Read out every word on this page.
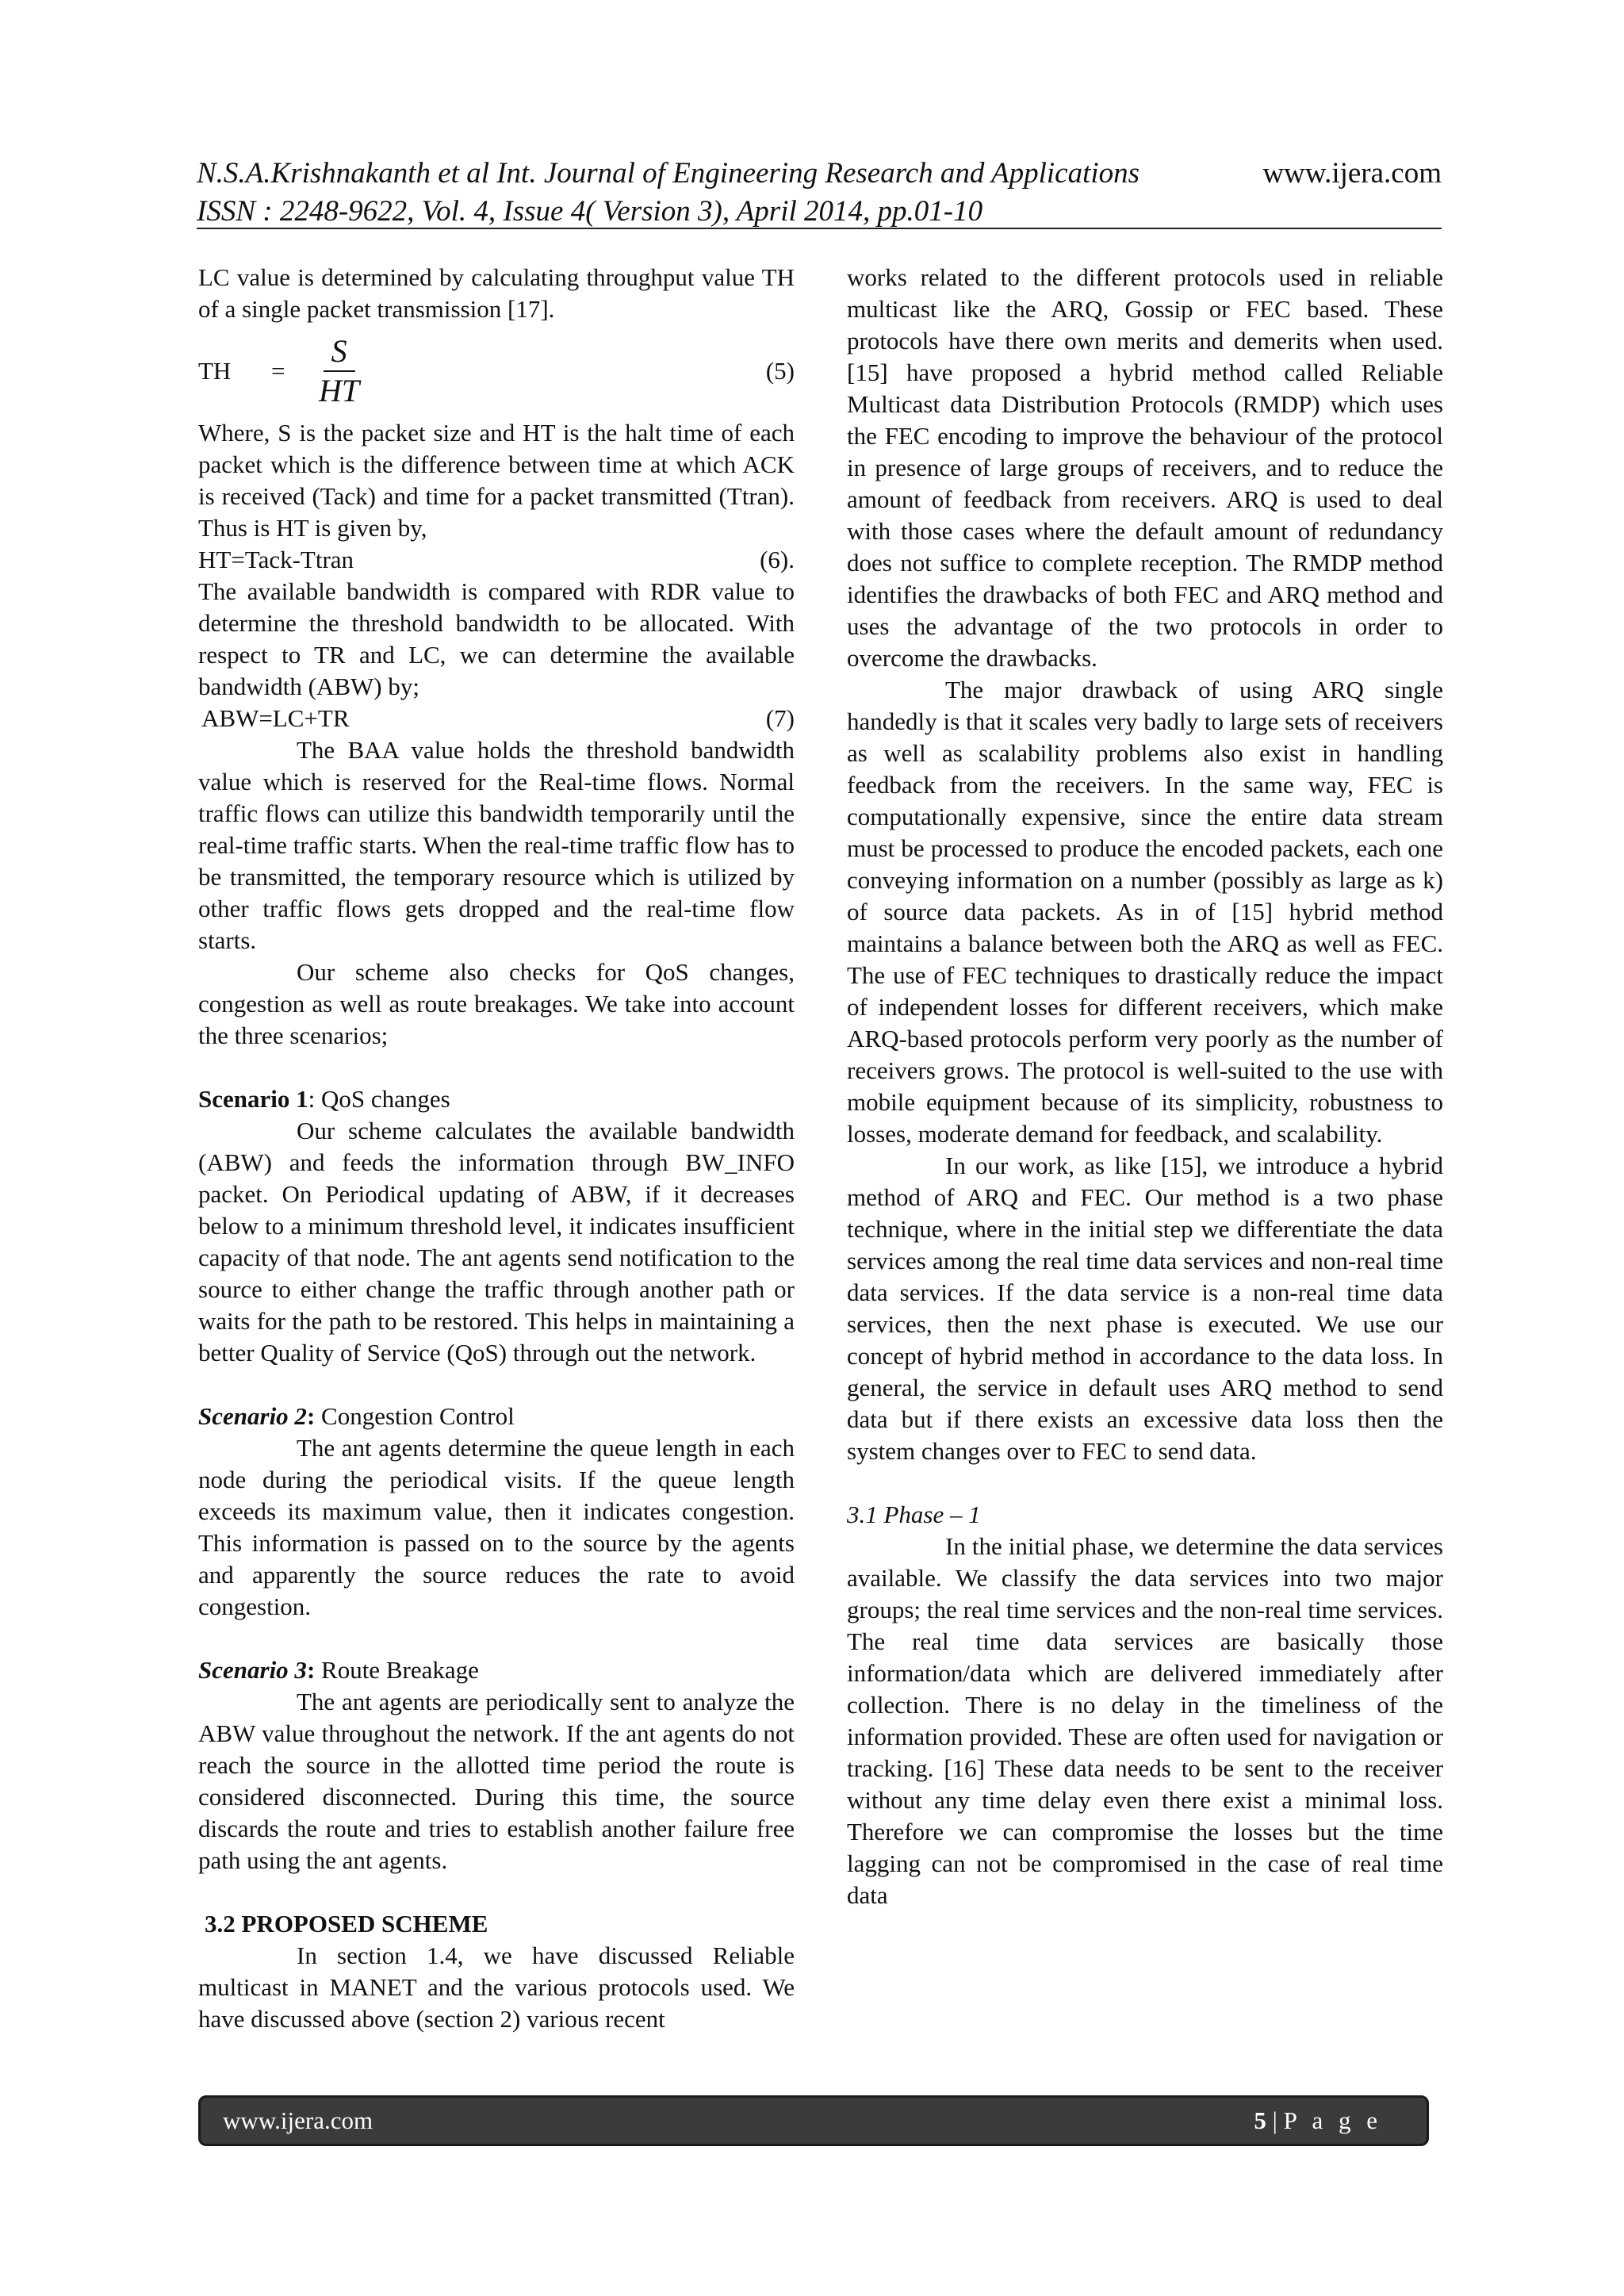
N.S.A.Krishnakanth et al Int. Journal of Engineering Research and Applications	www.ijera.com
ISSN : 2248-9622, Vol. 4, Issue 4( Version 3), April 2014, pp.01-10

LC value is determined by calculating throughput value TH of a single packet transmission [17].

TH	=	$\frac{S}{HT}$	(5)

Where, S is the packet size and HT is the halt time of each packet which is the difference between time at which ACK is received (Tack) and time for a packet transmitted (Ttran). Thus is HT is given by,

HT=Tack-Ttran	(6).

The available bandwidth is compared with RDR value to determine the threshold bandwidth to be allocated. With respect to TR and LC, we can determine the available bandwidth (ABW) by;

ABW=LC+TR	(7)

The BAA value holds the threshold bandwidth value which is reserved for the Real-time flows. Normal traffic flows can utilize this bandwidth temporarily until the real-time traffic starts. When the real-time traffic flow has to be transmitted, the temporary resource which is utilized by other traffic flows gets dropped and the real-time flow starts.

Our scheme also checks for QoS changes, congestion as well as route breakages. We take into account the three scenarios;

Scenario 1: QoS changes

Our scheme calculates the available bandwidth (ABW) and feeds the information through BW_INFO packet. On Periodical updating of ABW, if it decreases below to a minimum threshold level, it indicates insufficient capacity of that node. The ant agents send notification to the source to either change the traffic through another path or waits for the path to be restored. This helps in maintaining a better Quality of Service (QoS) through out the network.

Scenario 2: Congestion Control

The ant agents determine the queue length in each node during the periodical visits. If the queue length exceeds its maximum value, then it indicates congestion. This information is passed on to the source by the agents and apparently the source reduces the rate to avoid congestion.

Scenario 3: Route Breakage

The ant agents are periodically sent to analyze the ABW value throughout the network. If the ant agents do not reach the source in the allotted time period the route is considered disconnected. During this time, the source discards the route and tries to establish another failure free path using the ant agents.

3.2 PROPOSED SCHEME

In section 1.4, we have discussed Reliable multicast in MANET and the various protocols used. We have discussed above (section 2) various recent

works related to the different protocols used in reliable multicast like the ARQ, Gossip or FEC based. These protocols have there own merits and demerits when used. [15] have proposed a hybrid method called Reliable Multicast data Distribution Protocols (RMDP) which uses the FEC encoding to improve the behaviour of the protocol in presence of large groups of receivers, and to reduce the amount of feedback from receivers. ARQ is used to deal with those cases where the default amount of redundancy does not suffice to complete reception. The RMDP method identifies the drawbacks of both FEC and ARQ method and uses the advantage of the two protocols in order to overcome the drawbacks.

The major drawback of using ARQ single handedly is that it scales very badly to large sets of receivers as well as scalability problems also exist in handling feedback from the receivers. In the same way, FEC is computationally expensive, since the entire data stream must be processed to produce the encoded packets, each one conveying information on a number (possibly as large as k) of source data packets. As in of [15] hybrid method maintains a balance between both the ARQ as well as FEC. The use of FEC techniques to drastically reduce the impact of independent losses for different receivers, which make ARQ-based protocols perform very poorly as the number of receivers grows. The protocol is well-suited to the use with mobile equipment because of its simplicity, robustness to losses, moderate demand for feedback, and scalability.

In our work, as like [15], we introduce a hybrid method of ARQ and FEC. Our method is a two phase technique, where in the initial step we differentiate the data services among the real time data services and non-real time data services. If the data service is a non-real time data services, then the next phase is executed. We use our concept of hybrid method in accordance to the data loss. In general, the service in default uses ARQ method to send data but if there exists an excessive data loss then the system changes over to FEC to send data.

3.1 Phase – 1

In the initial phase, we determine the data services available. We classify the data services into two major groups; the real time services and the non-real time services. The real time data services are basically those information/data which are delivered immediately after collection. There is no delay in the timeliness of the information provided. These are often used for navigation or tracking. [16] These data needs to be sent to the receiver without any time delay even there exist a minimal loss. Therefore we can compromise the losses but the time lagging can not be compromised in the case of real time data

www.ijera.com	5 | P a g e
